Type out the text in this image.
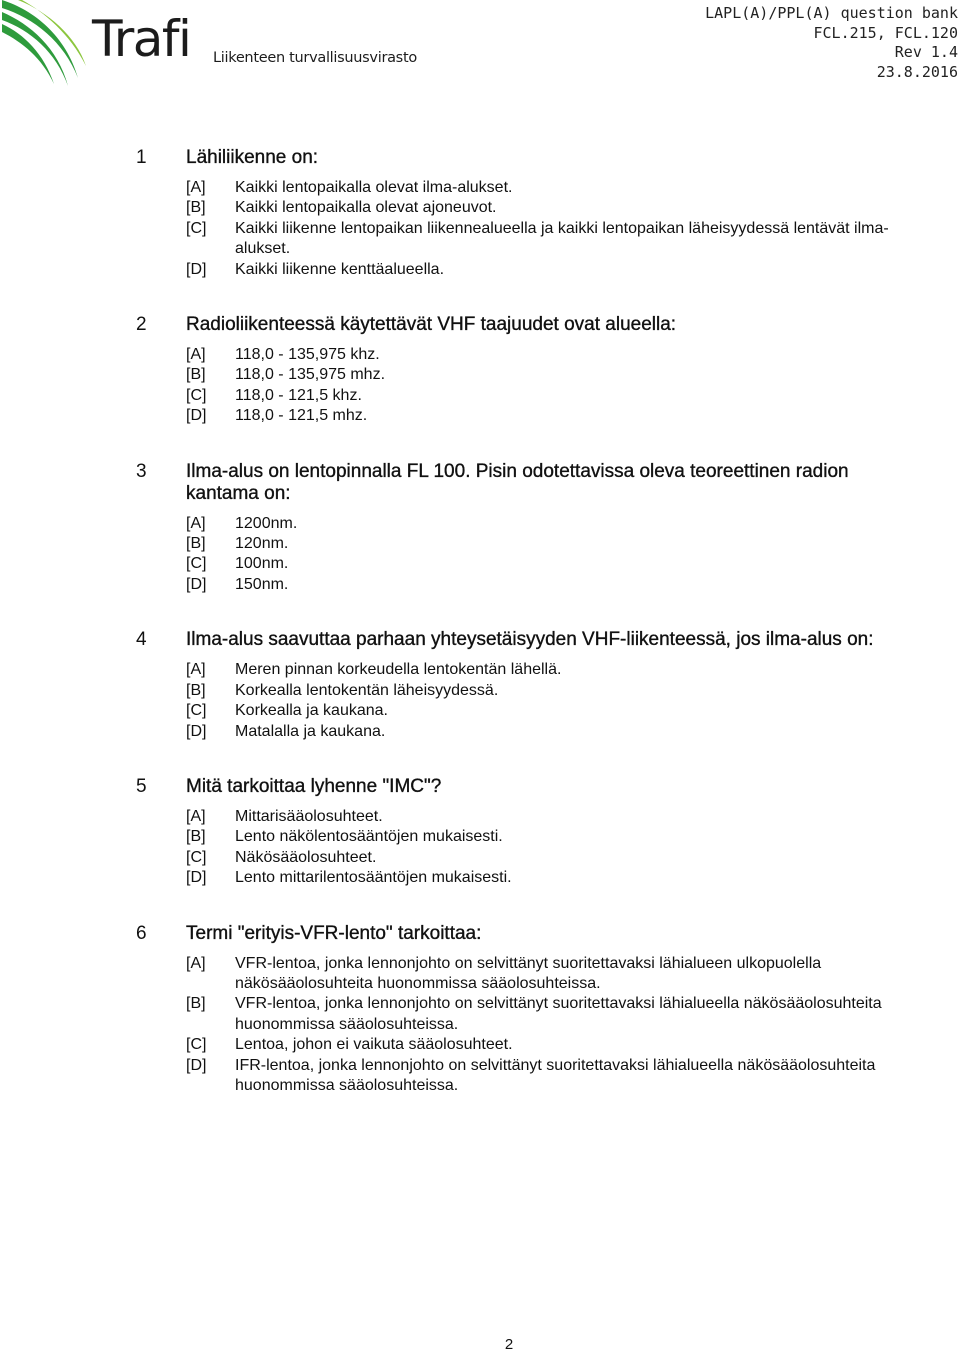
Trafi Liikenteen turvallisuusvirasto
LAPL(A)/PPL(A) question bank
FCL.215, FCL.120
Rev 1.4
23.8.2016
1	Lähiliikenne on:
[A]	Kaikki lentopaikalla olevat ilma-alukset.
[B]	Kaikki lentopaikalla olevat ajoneuvot.
[C]	Kaikki liikenne lentopaikan liikennealueella ja kaikki lentopaikan läheisyydessä lentävät ilma-alukset.
[D]	Kaikki liikenne kenttäalueella.
2	Radioliikenteessä käytettävät VHF taajuudet ovat alueella:
[A]	118,0 - 135,975 khz.
[B]	118,0 - 135,975 mhz.
[C]	118,0 - 121,5 khz.
[D]	118,0 - 121,5 mhz.
3	Ilma-alus on lentopinnalla FL 100. Pisin odotettavissa oleva teoreettinen radion kantama on:
[A]	1200nm.
[B]	120nm.
[C]	100nm.
[D]	150nm.
4	Ilma-alus saavuttaa parhaan yhteysetäisyyden VHF-liikenteessä, jos ilma-alus on:
[A]	Meren pinnan korkeudella lentokentän lähellä.
[B]	Korkealla lentokentän läheisyydessä.
[C]	Korkealla ja kaukana.
[D]	Matalalla ja kaukana.
5	Mitä tarkoittaa lyhenne "IMC"?
[A]	Mittarisääolosuhteet.
[B]	Lento näkölentosääntöjen mukaisesti.
[C]	Näkösääolosuhteet.
[D]	Lento mittarilentosääntöjen mukaisesti.
6	Termi "erityis-VFR-lento" tarkoittaa:
[A]	VFR-lentoa, jonka lennonjohto on selvittänyt suoritettavaksi lähialueen ulkopuolella näkösääolosuhteita huonommissa sääolosuhteissa.
[B]	VFR-lentoa, jonka lennonjohto on selvittänyt suoritettavaksi lähialueella näkösääolosuhteita huonommissa sääolosuhteissa.
[C]	Lentoa, johon ei vaikuta sääolosuhteet.
[D]	IFR-lentoa, jonka lennonjohto on selvittänyt suoritettavaksi lähialueella näkösääolosuhteita huonommissa sääolosuhteissa.
2
